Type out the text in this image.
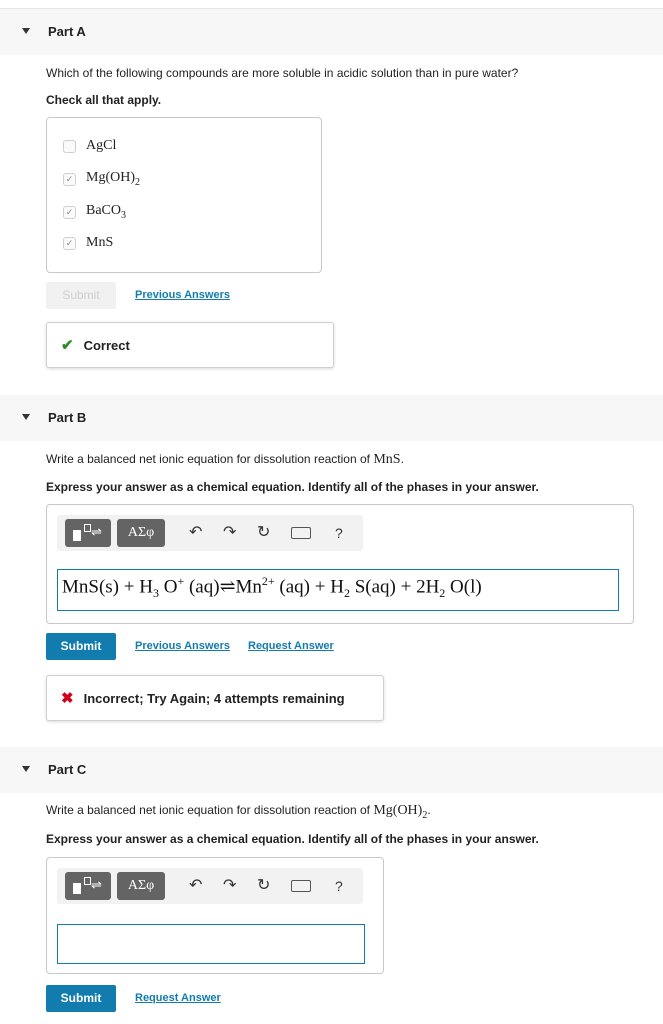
Part A
Which of the following compounds are more soluble in acidic solution than in pure water?
Check all that apply.
AgCl
✓ $Mg(OH)_2$
✓ BaCO$_3$
✓ MnS
Submit	Previous Answers
✔ Correct
Part B
Write a balanced net ionic equation for dissolution reaction of MnS.
Express your answer as a chemical equation. Identify all of the phases in your answer.
⇌	ΑΣφ	↶ ↷ ↻	?
$MnS(s) + H_3$ O+ $(aq)\rightleftharpoons Mn^{2+}$ $(aq) + H_2$ $S(aq) + 2H_2$ O(l)
Submit	Previous Answers Request Answer
✖ Incorrect; Try Again; 4 attempts remaining
Part C
Write a balanced net ionic equation for dissolution reaction of $Mg(OH)_2$.
Express your answer as a chemical equation. Identify all of the phases in your answer.
⇌	ΑΣφ	↶ ↷ ↻	?
Submit	Request Answer
